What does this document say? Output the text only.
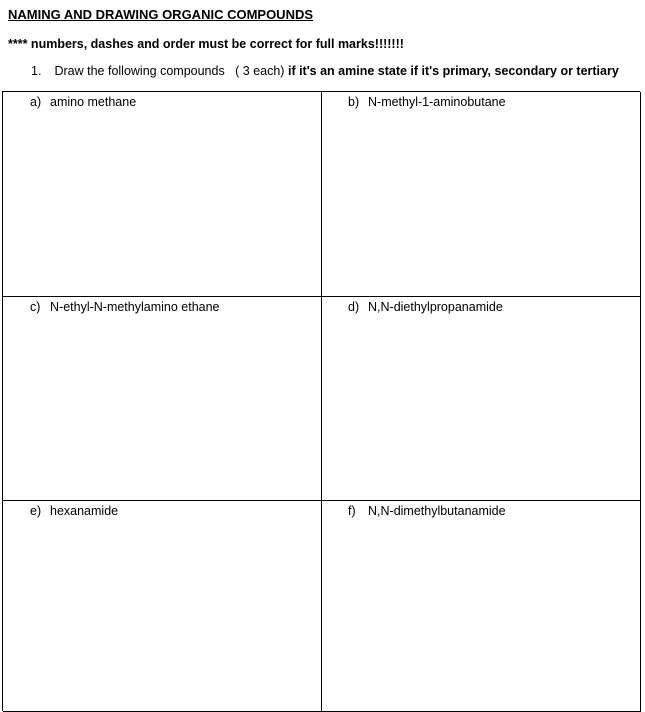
NAMING AND DRAWING ORGANIC COMPOUNDS
**** numbers, dashes and order must be correct for full marks!!!!!!!
1. Draw the following compounds ( 3 each) if it's an amine state if it's primary, secondary or tertiary
a) amino methane	b) N-methyl-1-aminobutane
c) N-ethyl-N-methylamino ethane	d) N,N-diethylpropanamide
e) hexanamide	f) N,N-dimethylbutanamide
